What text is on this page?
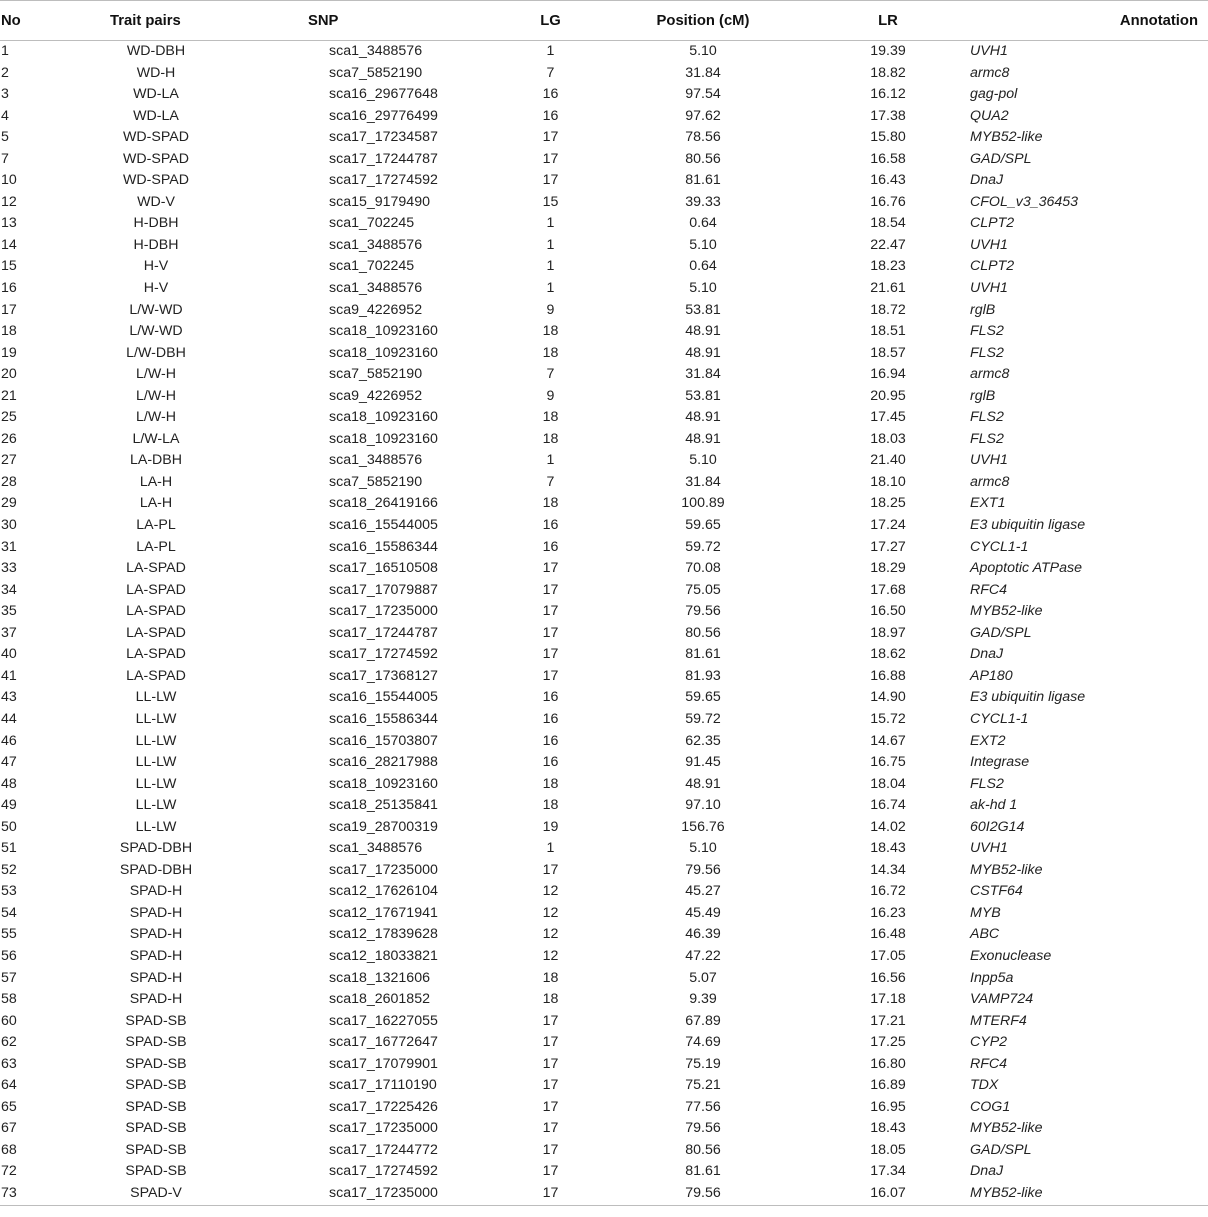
No	Trait pairs	SNP	LG	Position (cM)	LR	Annotation
1	WD-DBH	sca1_3488576	1	5.10	19.39	UVH1
2	WD-H	sca7_5852190	7	31.84	18.82	armc8
3	WD-LA	sca16_29677648	16	97.54	16.12	gag-pol
4	WD-LA	sca16_29776499	16	97.62	17.38	QUA2
5	WD-SPAD	sca17_17234587	17	78.56	15.80	MYB52-like
7	WD-SPAD	sca17_17244787	17	80.56	16.58	GAD/SPL
10	WD-SPAD	sca17_17274592	17	81.61	16.43	DnaJ
12	WD-V	sca15_9179490	15	39.33	16.76	CFOL_v3_36453
13	H-DBH	sca1_702245	1	0.64	18.54	CLPT2
14	H-DBH	sca1_3488576	1	5.10	22.47	UVH1
15	H-V	sca1_702245	1	0.64	18.23	CLPT2
16	H-V	sca1_3488576	1	5.10	21.61	UVH1
17	L/W-WD	sca9_4226952	9	53.81	18.72	rglB
18	L/W-WD	sca18_10923160	18	48.91	18.51	FLS2
19	L/W-DBH	sca18_10923160	18	48.91	18.57	FLS2
20	L/W-H	sca7_5852190	7	31.84	16.94	armc8
21	L/W-H	sca9_4226952	9	53.81	20.95	rglB
25	L/W-H	sca18_10923160	18	48.91	17.45	FLS2
26	L/W-LA	sca18_10923160	18	48.91	18.03	FLS2
27	LA-DBH	sca1_3488576	1	5.10	21.40	UVH1
28	LA-H	sca7_5852190	7	31.84	18.10	armc8
29	LA-H	sca18_26419166	18	100.89	18.25	EXT1
30	LA-PL	sca16_15544005	16	59.65	17.24	E3 ubiquitin ligase
31	LA-PL	sca16_15586344	16	59.72	17.27	CYCL1-1
33	LA-SPAD	sca17_16510508	17	70.08	18.29	Apoptotic ATPase
34	LA-SPAD	sca17_17079887	17	75.05	17.68	RFC4
35	LA-SPAD	sca17_17235000	17	79.56	16.50	MYB52-like
37	LA-SPAD	sca17_17244787	17	80.56	18.97	GAD/SPL
40	LA-SPAD	sca17_17274592	17	81.61	18.62	DnaJ
41	LA-SPAD	sca17_17368127	17	81.93	16.88	AP180
43	LL-LW	sca16_15544005	16	59.65	14.90	E3 ubiquitin ligase
44	LL-LW	sca16_15586344	16	59.72	15.72	CYCL1-1
46	LL-LW	sca16_15703807	16	62.35	14.67	EXT2
47	LL-LW	sca16_28217988	16	91.45	16.75	Integrase
48	LL-LW	sca18_10923160	18	48.91	18.04	FLS2
49	LL-LW	sca18_25135841	18	97.10	16.74	ak-hd 1
50	LL-LW	sca19_28700319	19	156.76	14.02	60I2G14
51	SPAD-DBH	sca1_3488576	1	5.10	18.43	UVH1
52	SPAD-DBH	sca17_17235000	17	79.56	14.34	MYB52-like
53	SPAD-H	sca12_17626104	12	45.27	16.72	CSTF64
54	SPAD-H	sca12_17671941	12	45.49	16.23	MYB
55	SPAD-H	sca12_17839628	12	46.39	16.48	ABC
56	SPAD-H	sca12_18033821	12	47.22	17.05	Exonuclease
57	SPAD-H	sca18_1321606	18	5.07	16.56	Inpp5a
58	SPAD-H	sca18_2601852	18	9.39	17.18	VAMP724
60	SPAD-SB	sca17_16227055	17	67.89	17.21	MTERF4
62	SPAD-SB	sca17_16772647	17	74.69	17.25	CYP2
63	SPAD-SB	sca17_17079901	17	75.19	16.80	RFC4
64	SPAD-SB	sca17_17110190	17	75.21	16.89	TDX
65	SPAD-SB	sca17_17225426	17	77.56	16.95	COG1
67	SPAD-SB	sca17_17235000	17	79.56	18.43	MYB52-like
68	SPAD-SB	sca17_17244772	17	80.56	18.05	GAD/SPL
72	SPAD-SB	sca17_17274592	17	81.61	17.34	DnaJ
73	SPAD-V	sca17_17235000	17	79.56	16.07	MYB52-like
